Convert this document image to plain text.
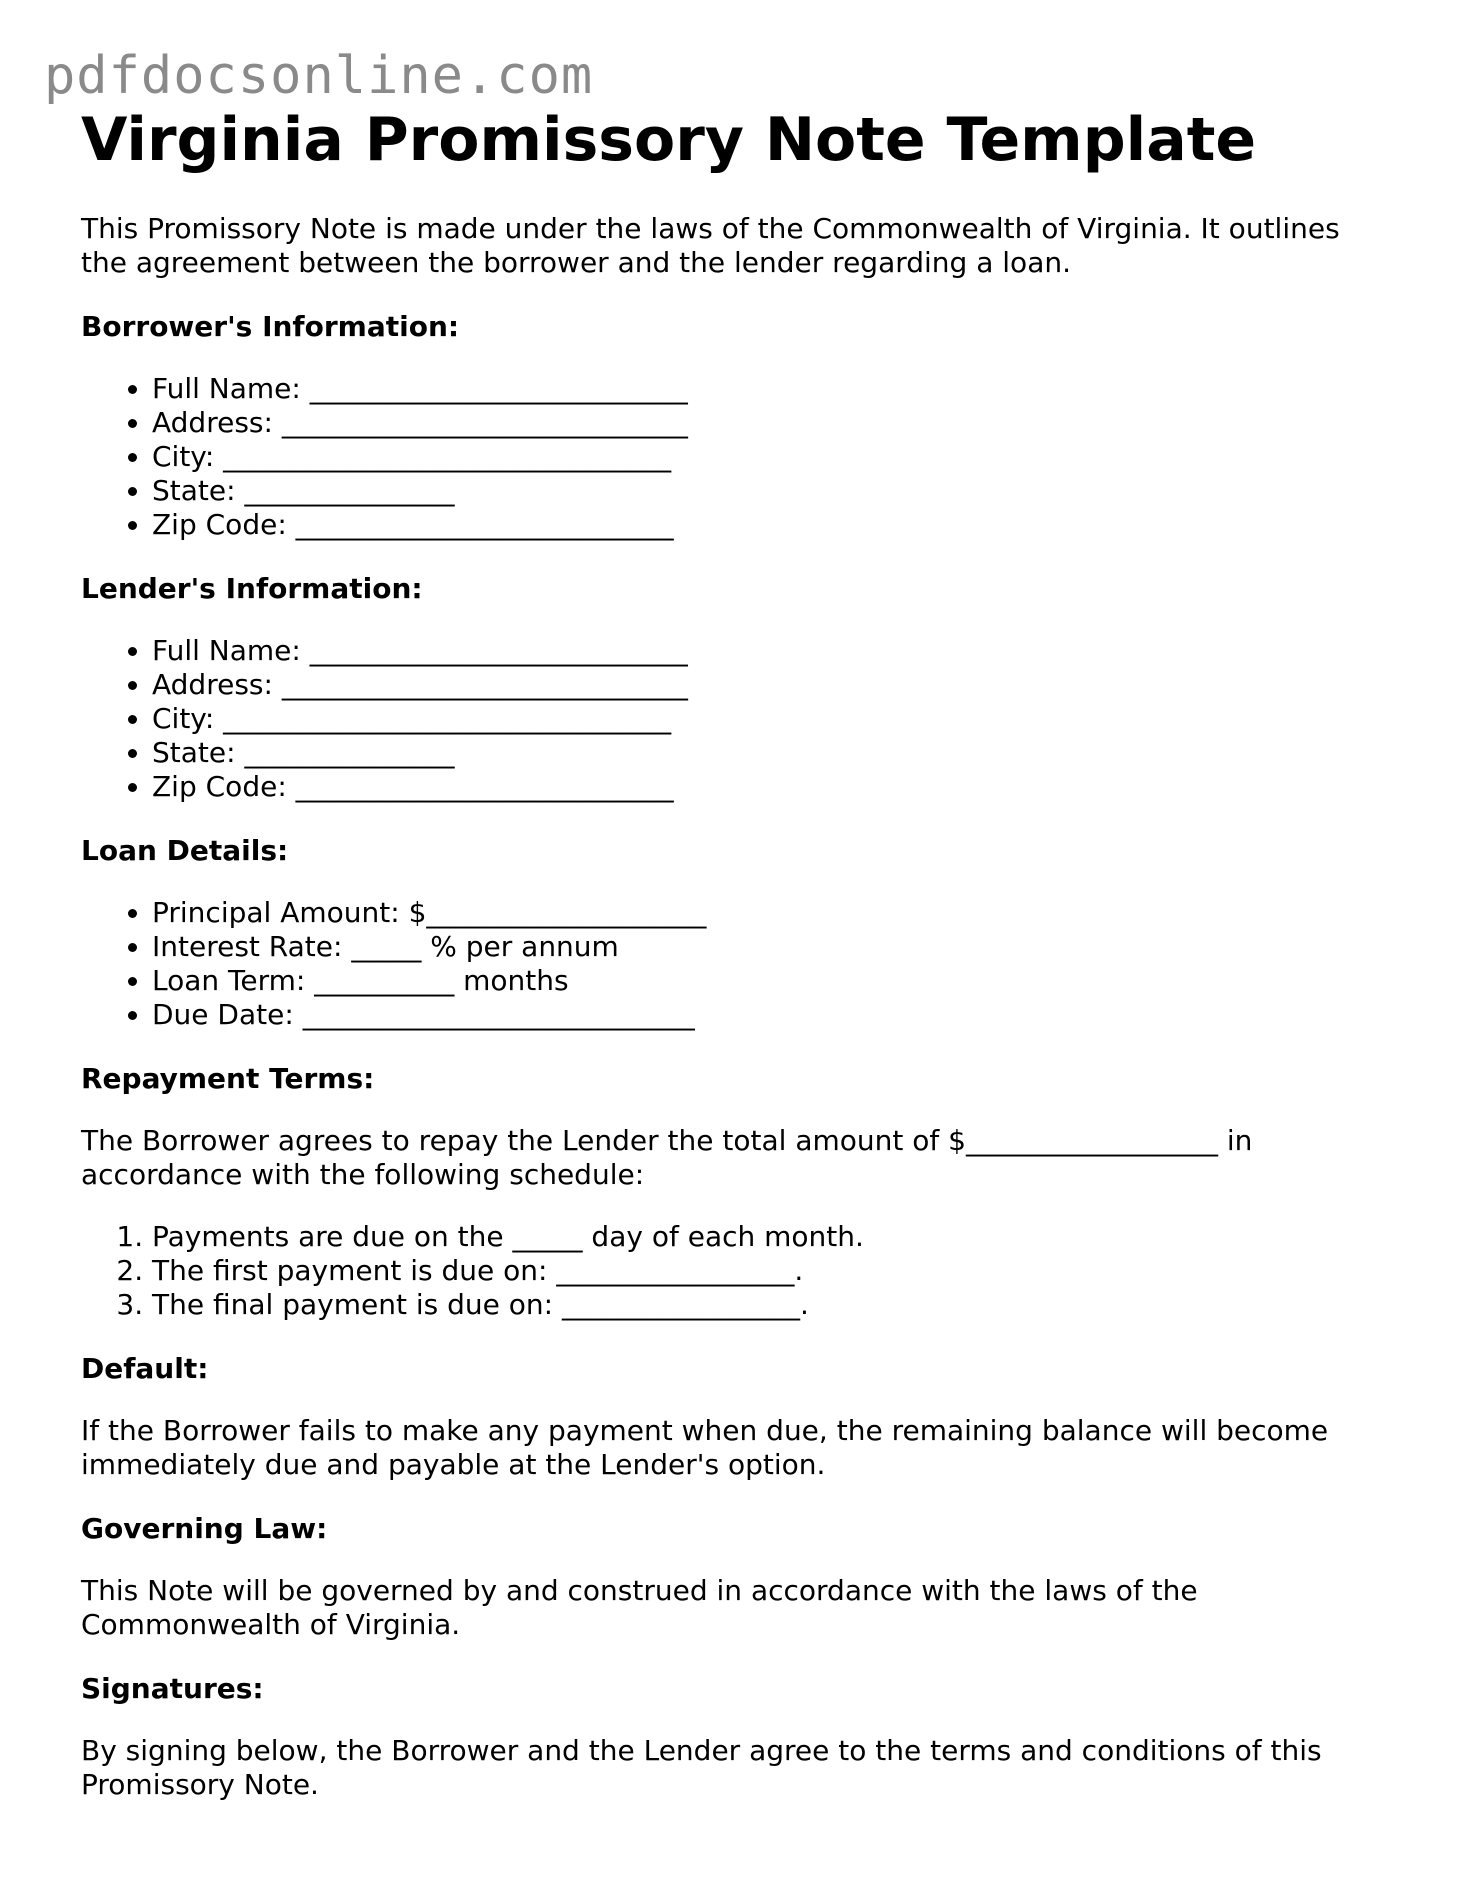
pdfdocsonline.com
Virginia Promissory Note Template

This Promissory Note is made under the laws of the Commonwealth of Virginia. It outlines the agreement between the borrower and the lender regarding a loan.

Borrower's Information:
• Full Name: ___________________________
• Address: _____________________________
• City: ________________________________
• State: _______________
• Zip Code: ___________________________
Lender's Information:
• Full Name: ___________________________
• Address: _____________________________
• City: ________________________________
• State: _______________
• Zip Code: ___________________________
Loan Details:
• Principal Amount: $____________________
• Interest Rate: _____ % per annum
• Loan Term: __________ months
• Due Date: ____________________________
Repayment Terms:

The Borrower agrees to repay the Lender the total amount of $__________________ in accordance with the following schedule:

1. Payments are due on the _____ day of each month.
2. The first payment is due on: _________________.
3. The final payment is due on: _________________.
Default:

If the Borrower fails to make any payment when due, the remaining balance will become immediately due and payable at the Lender's option.

Governing Law:

This Note will be governed by and construed in accordance with the laws of the Commonwealth of Virginia.

Signatures:

By signing below, the Borrower and the Lender agree to the terms and conditions of this Promissory Note.
